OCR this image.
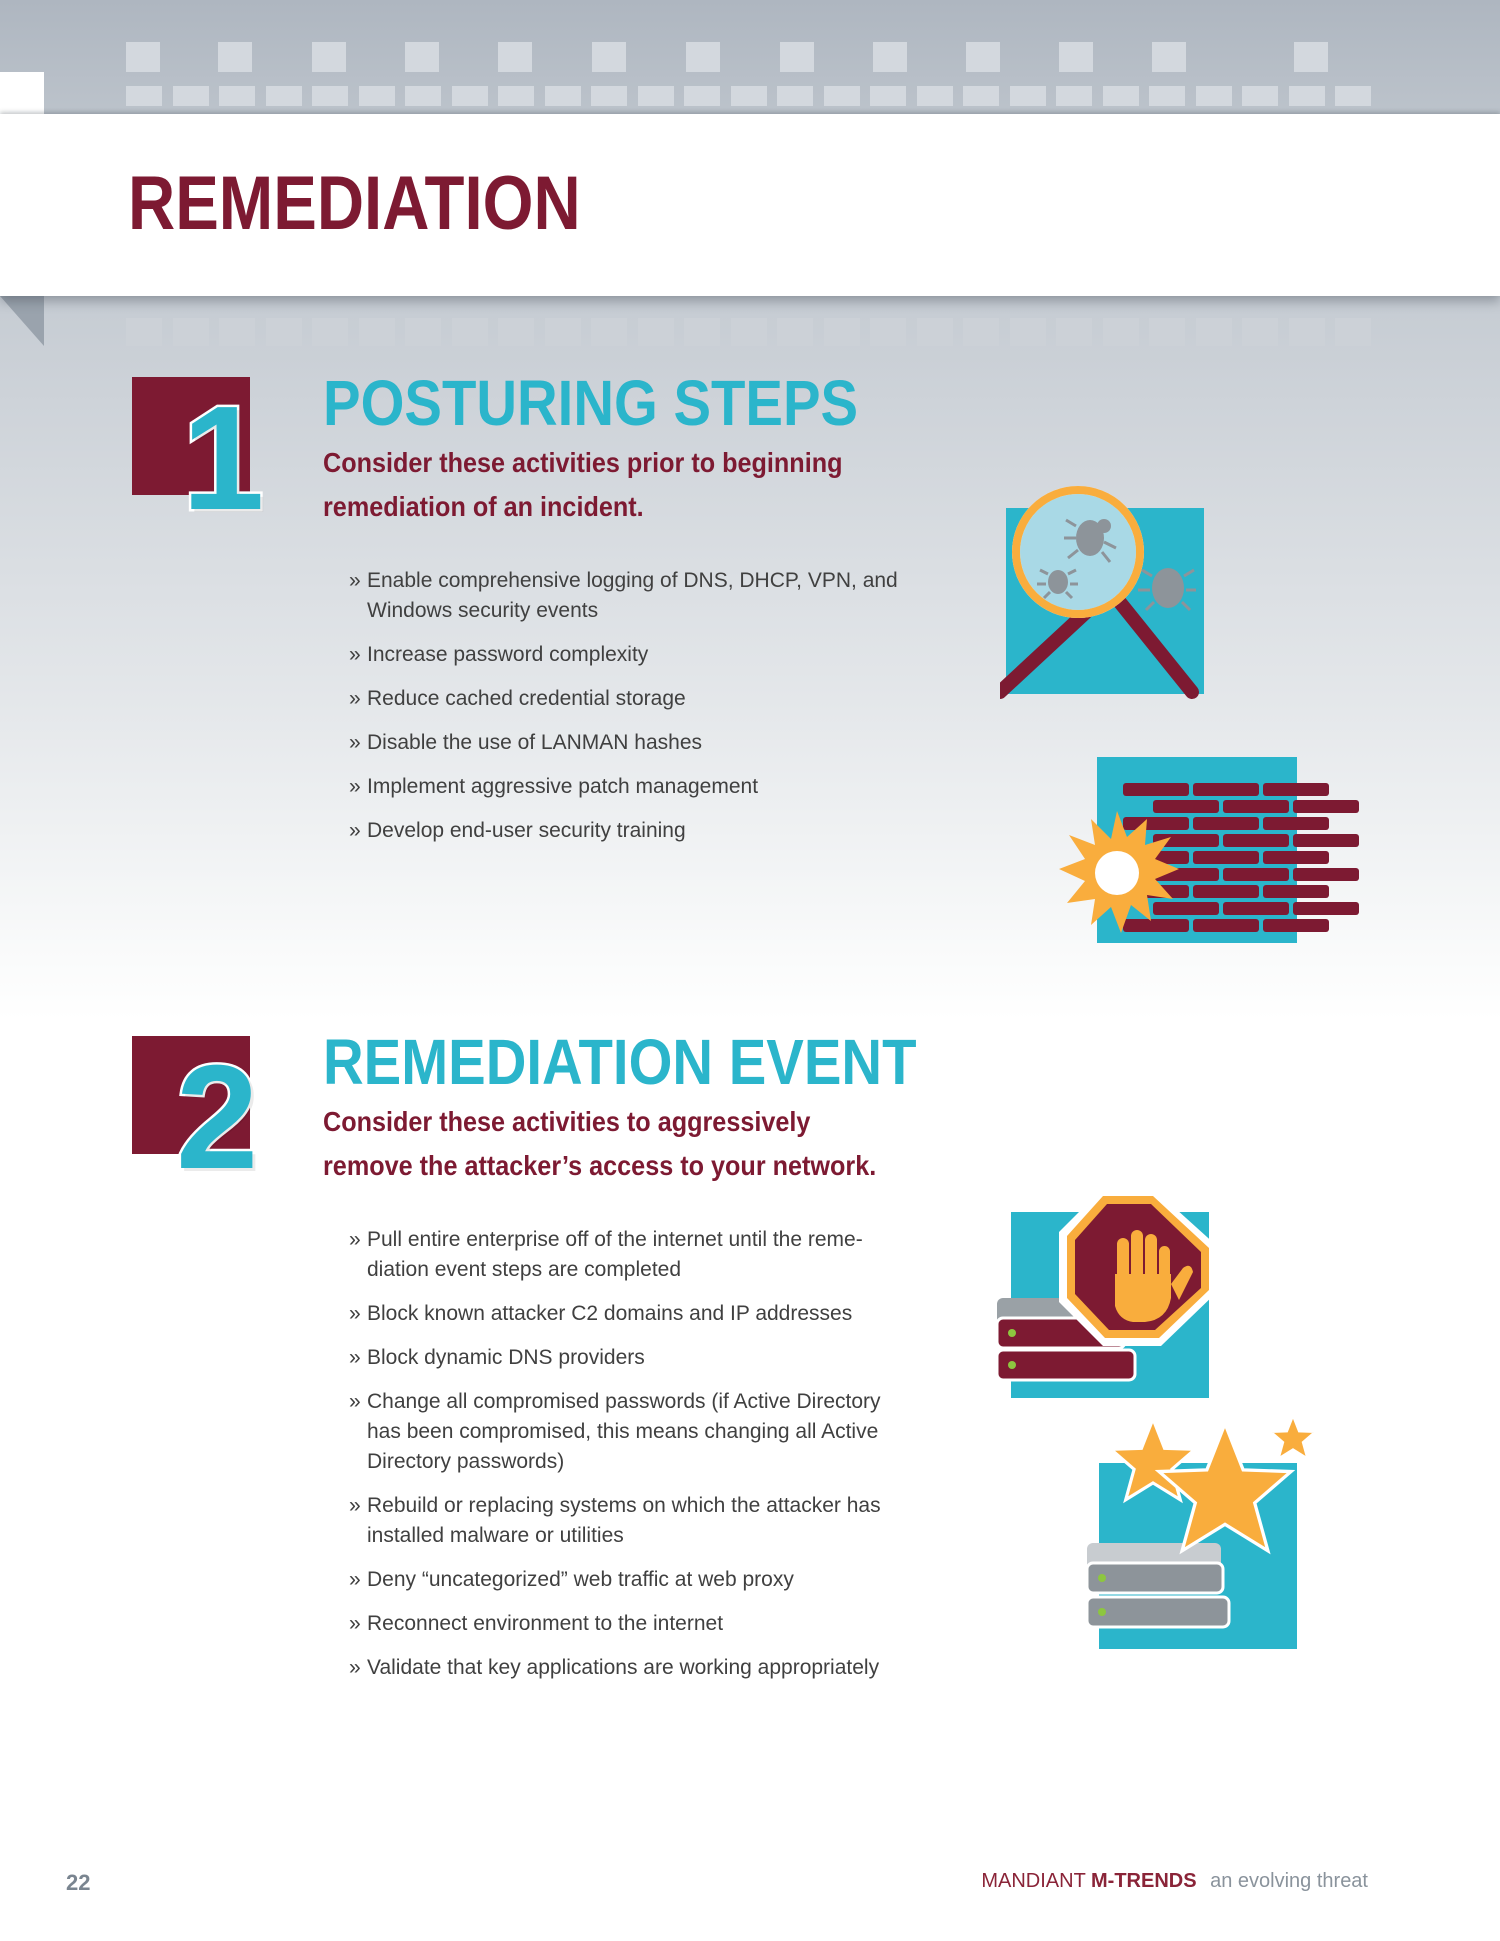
REMEDIATION
1 POSTURING STEPS

Consider these activities prior to beginning remediation of an incident.

» Enable comprehensive logging of DNS, DHCP, VPN, and Windows security events
» Increase password complexity
» Reduce cached credential storage
» Disable the use of LANMAN hashes
» Implement aggressive patch management
» Develop end-user security training
2 REMEDIATION EVENT

Consider these activities to aggressively remove the attacker’s access to your network.

» Pull entire enterprise off of the internet until the reme-diation event steps are completed
» Block known attacker C2 domains and IP addresses
» Block dynamic DNS providers
» Change all compromised passwords (if Active Directory has been compromised, this means changing all Active Directory passwords)
» Rebuild or replacing systems on which the attacker has installed malware or utilities
» Deny “uncategorized” web traffic at web proxy
» Reconnect environment to the internet
» Validate that key applications are working appropriately
22	MANDIANT M-TRENDS an evolving threat
